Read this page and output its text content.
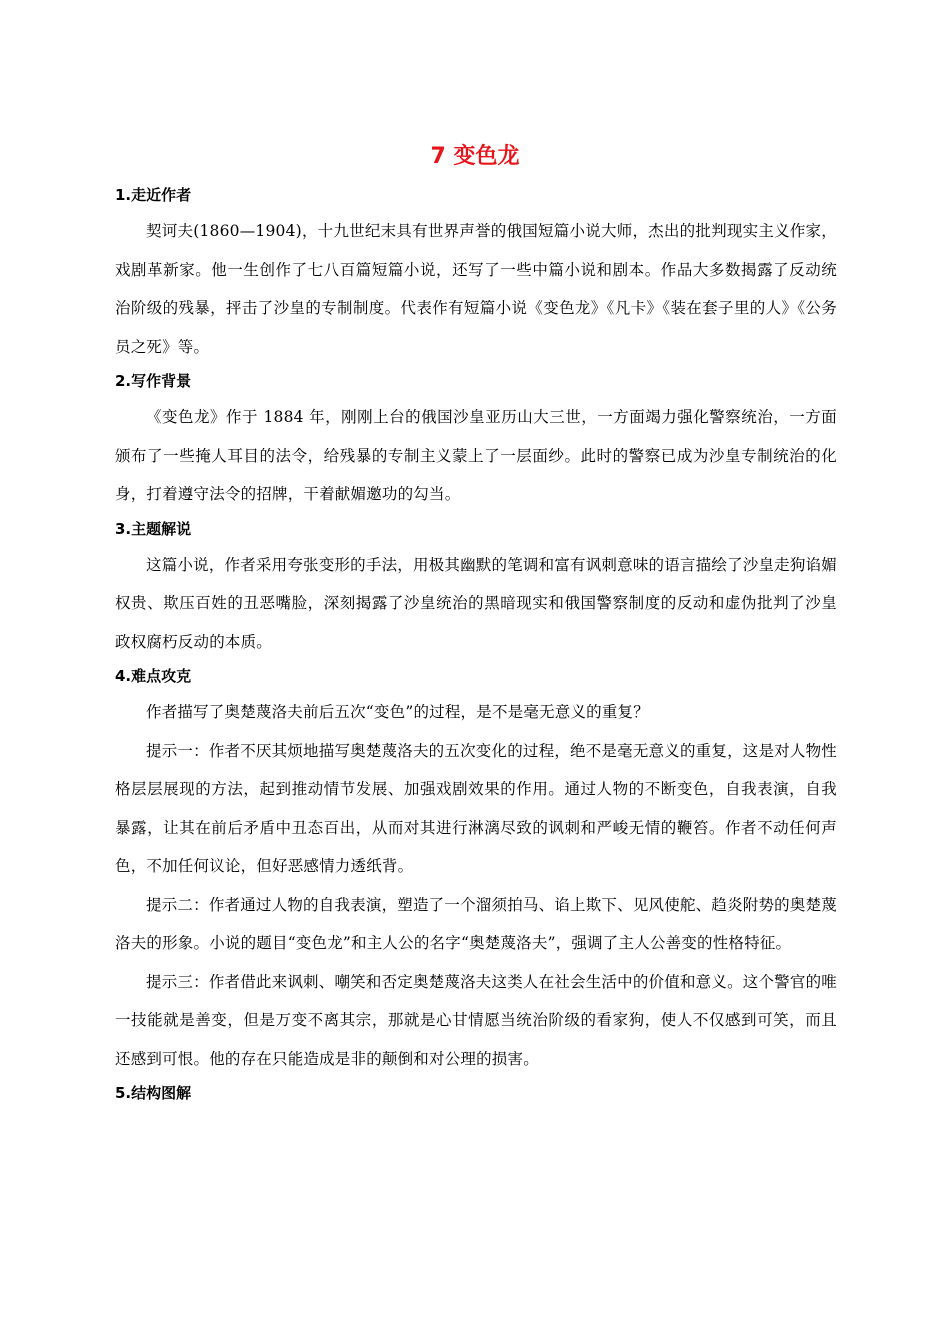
7 变色龙
1.走近作者

契诃夫(1860—1904)，十九世纪末具有世界声誉的俄国短篇小说大师，杰出的批判现实主义作家，戏剧革新家。他一生创作了七八百篇短篇小说，还写了一些中篇小说和剧本。作品大多数揭露了反动统治阶级的残暴，抨击了沙皇的专制制度。代表作有短篇小说《变色龙》《凡卡》《装在套子里的人》《公务员之死》等。

2.写作背景

《变色龙》作于 1884 年，刚刚上台的俄国沙皇亚历山大三世，一方面竭力强化警察统治，一方面颁布了一些掩人耳目的法令，给残暴的专制主义蒙上了一层面纱。此时的警察已成为沙皇专制统治的化身，打着遵守法令的招牌，干着献媚邀功的勾当。

3.主题解说

这篇小说，作者采用夸张变形的手法，用极其幽默的笔调和富有讽刺意味的语言描绘了沙皇走狗谄媚权贵、欺压百姓的丑恶嘴脸，深刻揭露了沙皇统治的黑暗现实和俄国警察制度的反动和虚伪批判了沙皇政权腐朽反动的本质。

4.难点攻克

作者描写了奥楚蔑洛夫前后五次“变色”的过程，是不是毫无意义的重复？

提示一：作者不厌其烦地描写奥楚蔑洛夫的五次变化的过程，绝不是毫无意义的重复，这是对人物性格层层展现的方法，起到推动情节发展、加强戏剧效果的作用。通过人物的不断变色，自我表演，自我暴露，让其在前后矛盾中丑态百出，从而对其进行淋漓尽致的讽刺和严峻无情的鞭笞。作者不动任何声色，不加任何议论，但好恶感情力透纸背。

提示二：作者通过人物的自我表演，塑造了一个溜须拍马、谄上欺下、见风使舵、趋炎附势的奥楚蔑洛夫的形象。小说的题目“变色龙”和主人公的名字“奥楚蔑洛夫”，强调了主人公善变的性格特征。

提示三：作者借此来讽刺、嘲笑和否定奥楚蔑洛夫这类人在社会生活中的价值和意义。这个警官的唯一技能就是善变，但是万变不离其宗，那就是心甘情愿当统治阶级的看家狗，使人不仅感到可笑，而且还感到可恨。他的存在只能造成是非的颠倒和对公理的损害。

5.结构图解
